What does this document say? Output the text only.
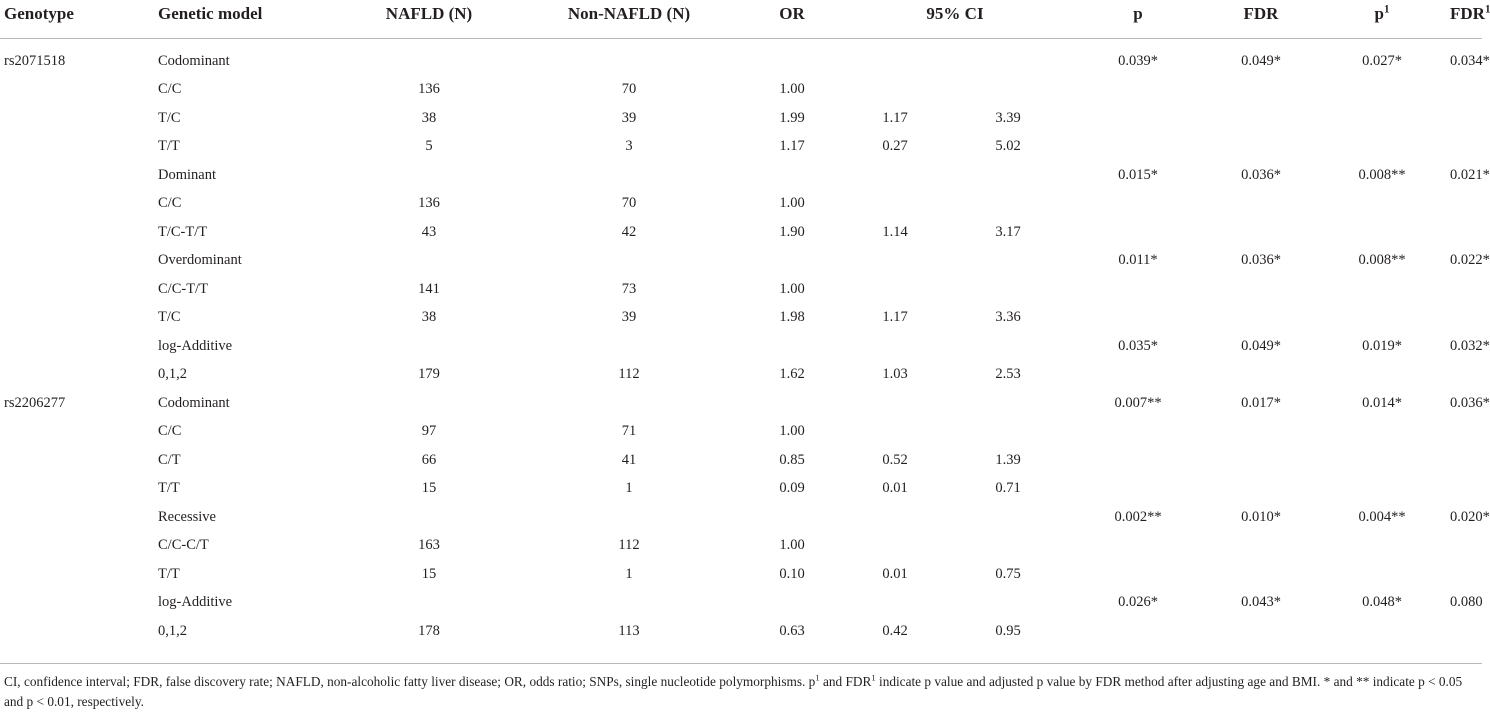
Genotype	Genetic model	NAFLD (N)	Non-NAFLD (N)	OR	95% CI		p	FDR	$p^1$	FDR$^1$

rs2071518	Codominant						0.039*	0.049*	0.027*	0.034*
	C/C	136	70	1.00						
	T/C	38	39	1.99	1.17	3.39				
	T/T	5	3	1.17	0.27	5.02				
	Dominant						0.015*	0.036*	0.008**	0.021*
	C/C	136	70	1.00						
	T/C-T/T	43	42	1.90	1.14	3.17				
	Overdominant						0.011*	0.036*	0.008**	0.022*
	C/C-T/T	141	73	1.00						
	T/C	38	39	1.98	1.17	3.36				
	log-Additive						0.035*	0.049*	0.019*	0.032*
	0,1,2	179	112	1.62	1.03	2.53				
rs2206277	Codominant						0.007**	0.017*	0.014*	0.036*
	C/C	97	71	1.00						
	C/T	66	41	0.85	0.52	1.39				
	T/T	15	1	0.09	0.01	0.71				
	Recessive						0.002**	0.010*	0.004**	0.020*
	C/C-C/T	163	112	1.00						
	T/T	15	1	0.10	0.01	0.75				
	log-Additive						0.026*	0.043*	0.048*	0.080
	0,1,2	178	113	0.63	0.42	0.95				
CI, confidence interval; FDR, false discovery rate; NAFLD, non-alcoholic fatty liver disease; OR, odds ratio; SNPs, single nucleotide polymorphisms. $p^1$ and FDR$^1$ indicate p value and adjusted p value by FDR method after adjusting age and BMI. * and ** indicate p < 0.05 and p < 0.01, respectively.
